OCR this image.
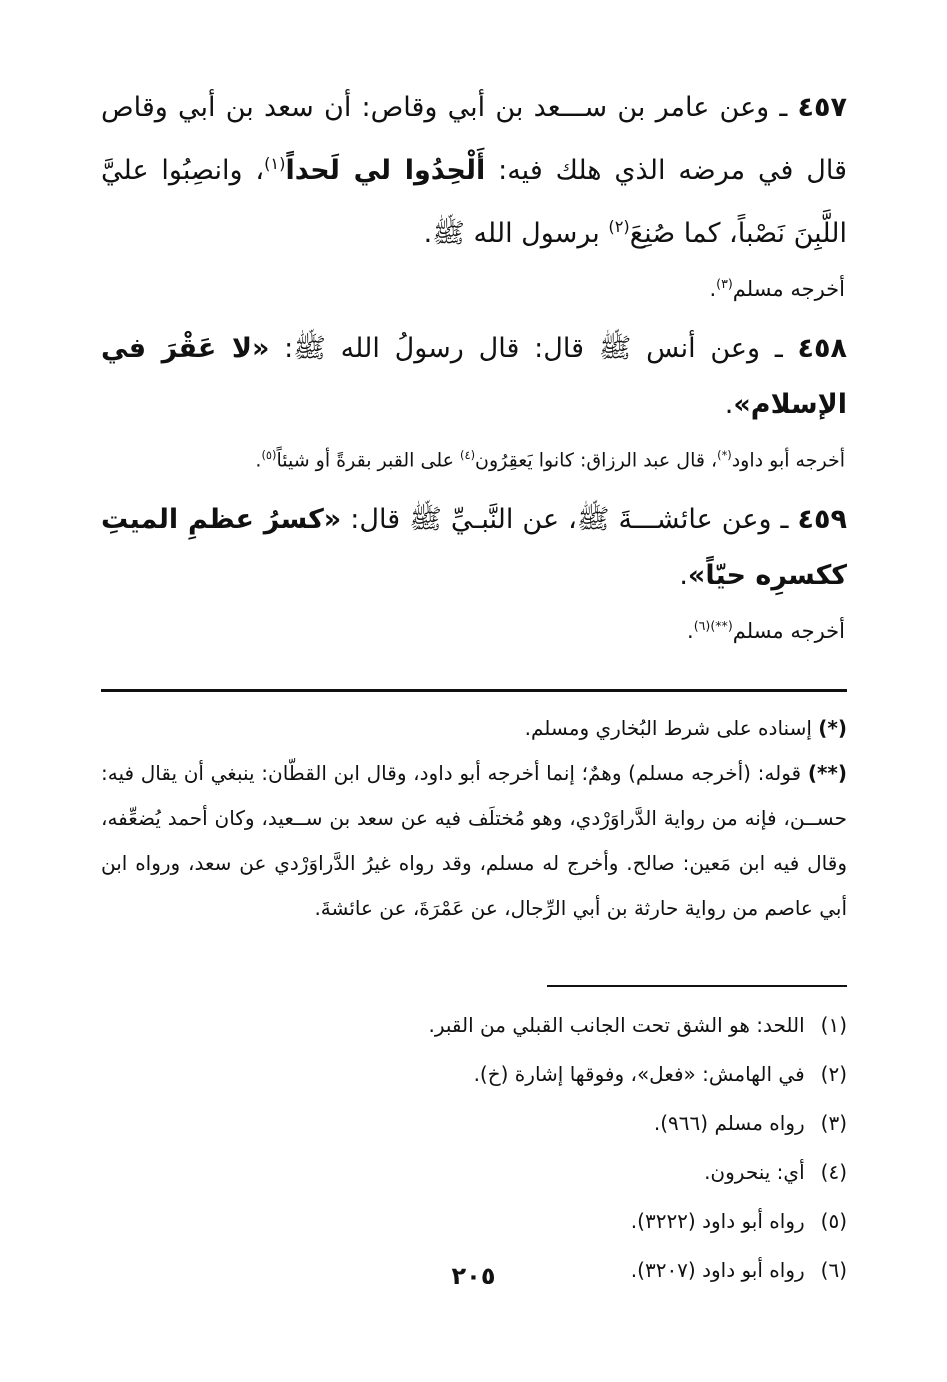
٤٥٧ ـ وعن عامر بن ســـعد بن أبي وقاص: أن سعد بن أبي وقاص قال في مرضه الذي هلك فيه: أَلْحِدُوا لي لَحداً$^{(١)}$، وانصِبُوا عليَّ اللَّبِنَ نَصْباً، كما صُنِعَ$^{(٢)}$ برسول الله ﷺ.

أخرجه مسلم$^{(٣)}$.

٤٥٨ ـ وعن أنس ﷺ قال: قال رسولُ الله ﷺ: «لا عَقْرَ في الإسلام».

أخرجه أبو داود(*)، قال عبد الرزاق: كانوا يَعقِرُون$^{(٤)}$ على القبر بقرةً أو شيئاً$^{(٥)}$.

٤٥٩ ـ وعن عائشـــةَ ﷺ، عن النَّبـيِّ ﷺ قال: «كسرُ عظمِ الميتِ ككسرِه حيّاً».

أخرجه مسلم$^{(**)(٦)}$.

(*) إسناده على شرط البُخاري ومسلم.

(**) قوله: (أخرجه مسلم) وهمٌ؛ إنما أخرجه أبو داود، وقال ابن القطّان: ينبغي أن يقال فيه: حســن، فإنه من رواية الدَّراوَرْدي، وهو مُختلَف فيه عن سعد بن ســعيد، وكان أحمد يُضعِّفه، وقال فيه ابن مَعين: صالح. وأخرج له مسلم، وقد رواه غيرُ الدَّراوَرْدي عن سعد، ورواه ابن أبي عاصم من رواية حارثة بن أبي الرِّجال، عن عَمْرَةَ، عن عائشةَ.

(١) اللحد: هو الشق تحت الجانب القبلي من القبر.

(٢) في الهامش: «فعل»، وفوقها إشارة (خ).

(٣) رواه مسلم (٩٦٦).

(٤) أي: ينحرون.

(٥) رواه أبو داود (٣٢٢٢).

(٦) رواه أبو داود (٣٢٠٧).

٢٠٥
